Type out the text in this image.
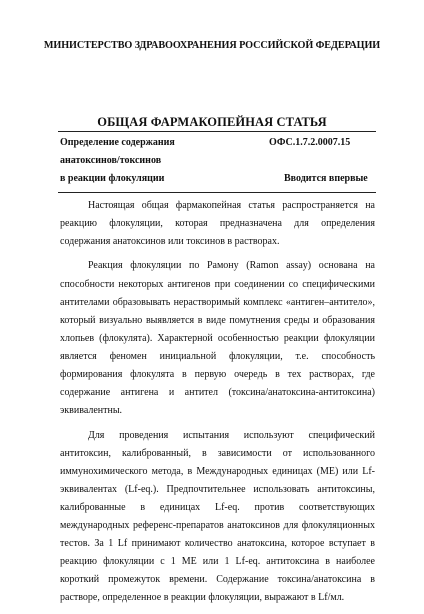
МИНИСТЕРСТВО ЗДРАВООХРАНЕНИЯ РОССИЙСКОЙ ФЕДЕРАЦИИ
ОБЩАЯ ФАРМАКОПЕЙНАЯ СТАТЬЯ
Определение содержания
анатоксинов/токсинов
в реакции флокуляции
ОФС.1.7.2.0007.15
Вводится впервые

Настоящая общая фармакопейная статья распространяется на реакцию флокуляции, которая предназначена для определения содержания анатоксинов или токсинов в растворах.

Реакция флокуляции по Рамону (Ramon assay) основана на способности некоторых антигенов при соединении со специфическими антителами образовывать нерастворимый комплекс «антиген–антитело», который визуально выявляется в виде помутнения среды и образования хлопьев (флокулята). Характерной особенностью реакции флокуляции является феномен инициальной флокуляции, т.е. способность формирования флокулята в первую очередь в тех растворах, где содержание антигена и антител (токсина/анатоксина-антитоксина) эквивалентны.

Для проведения испытания используют специфический антитоксин, калиброванный, в зависимости от использованного иммунохимического метода, в Международных единицах (МЕ) или Lf-эквивалентах (Lf-eq.). Предпочтительнее использовать антитоксины, калиброванные в единицах Lf-eq. против соответствующих международных референс-препаратов анатоксинов для флокуляционных тестов. За 1 Lf принимают количество анатоксина, которое вступает в реакцию флокуляции с 1 МЕ или 1 Lf-eq. антитоксина в наиболее короткий промежуток времени. Содержание токсина/анатоксина в растворе, определенное в реакции флокуляции, выражают в Lf/мл.
